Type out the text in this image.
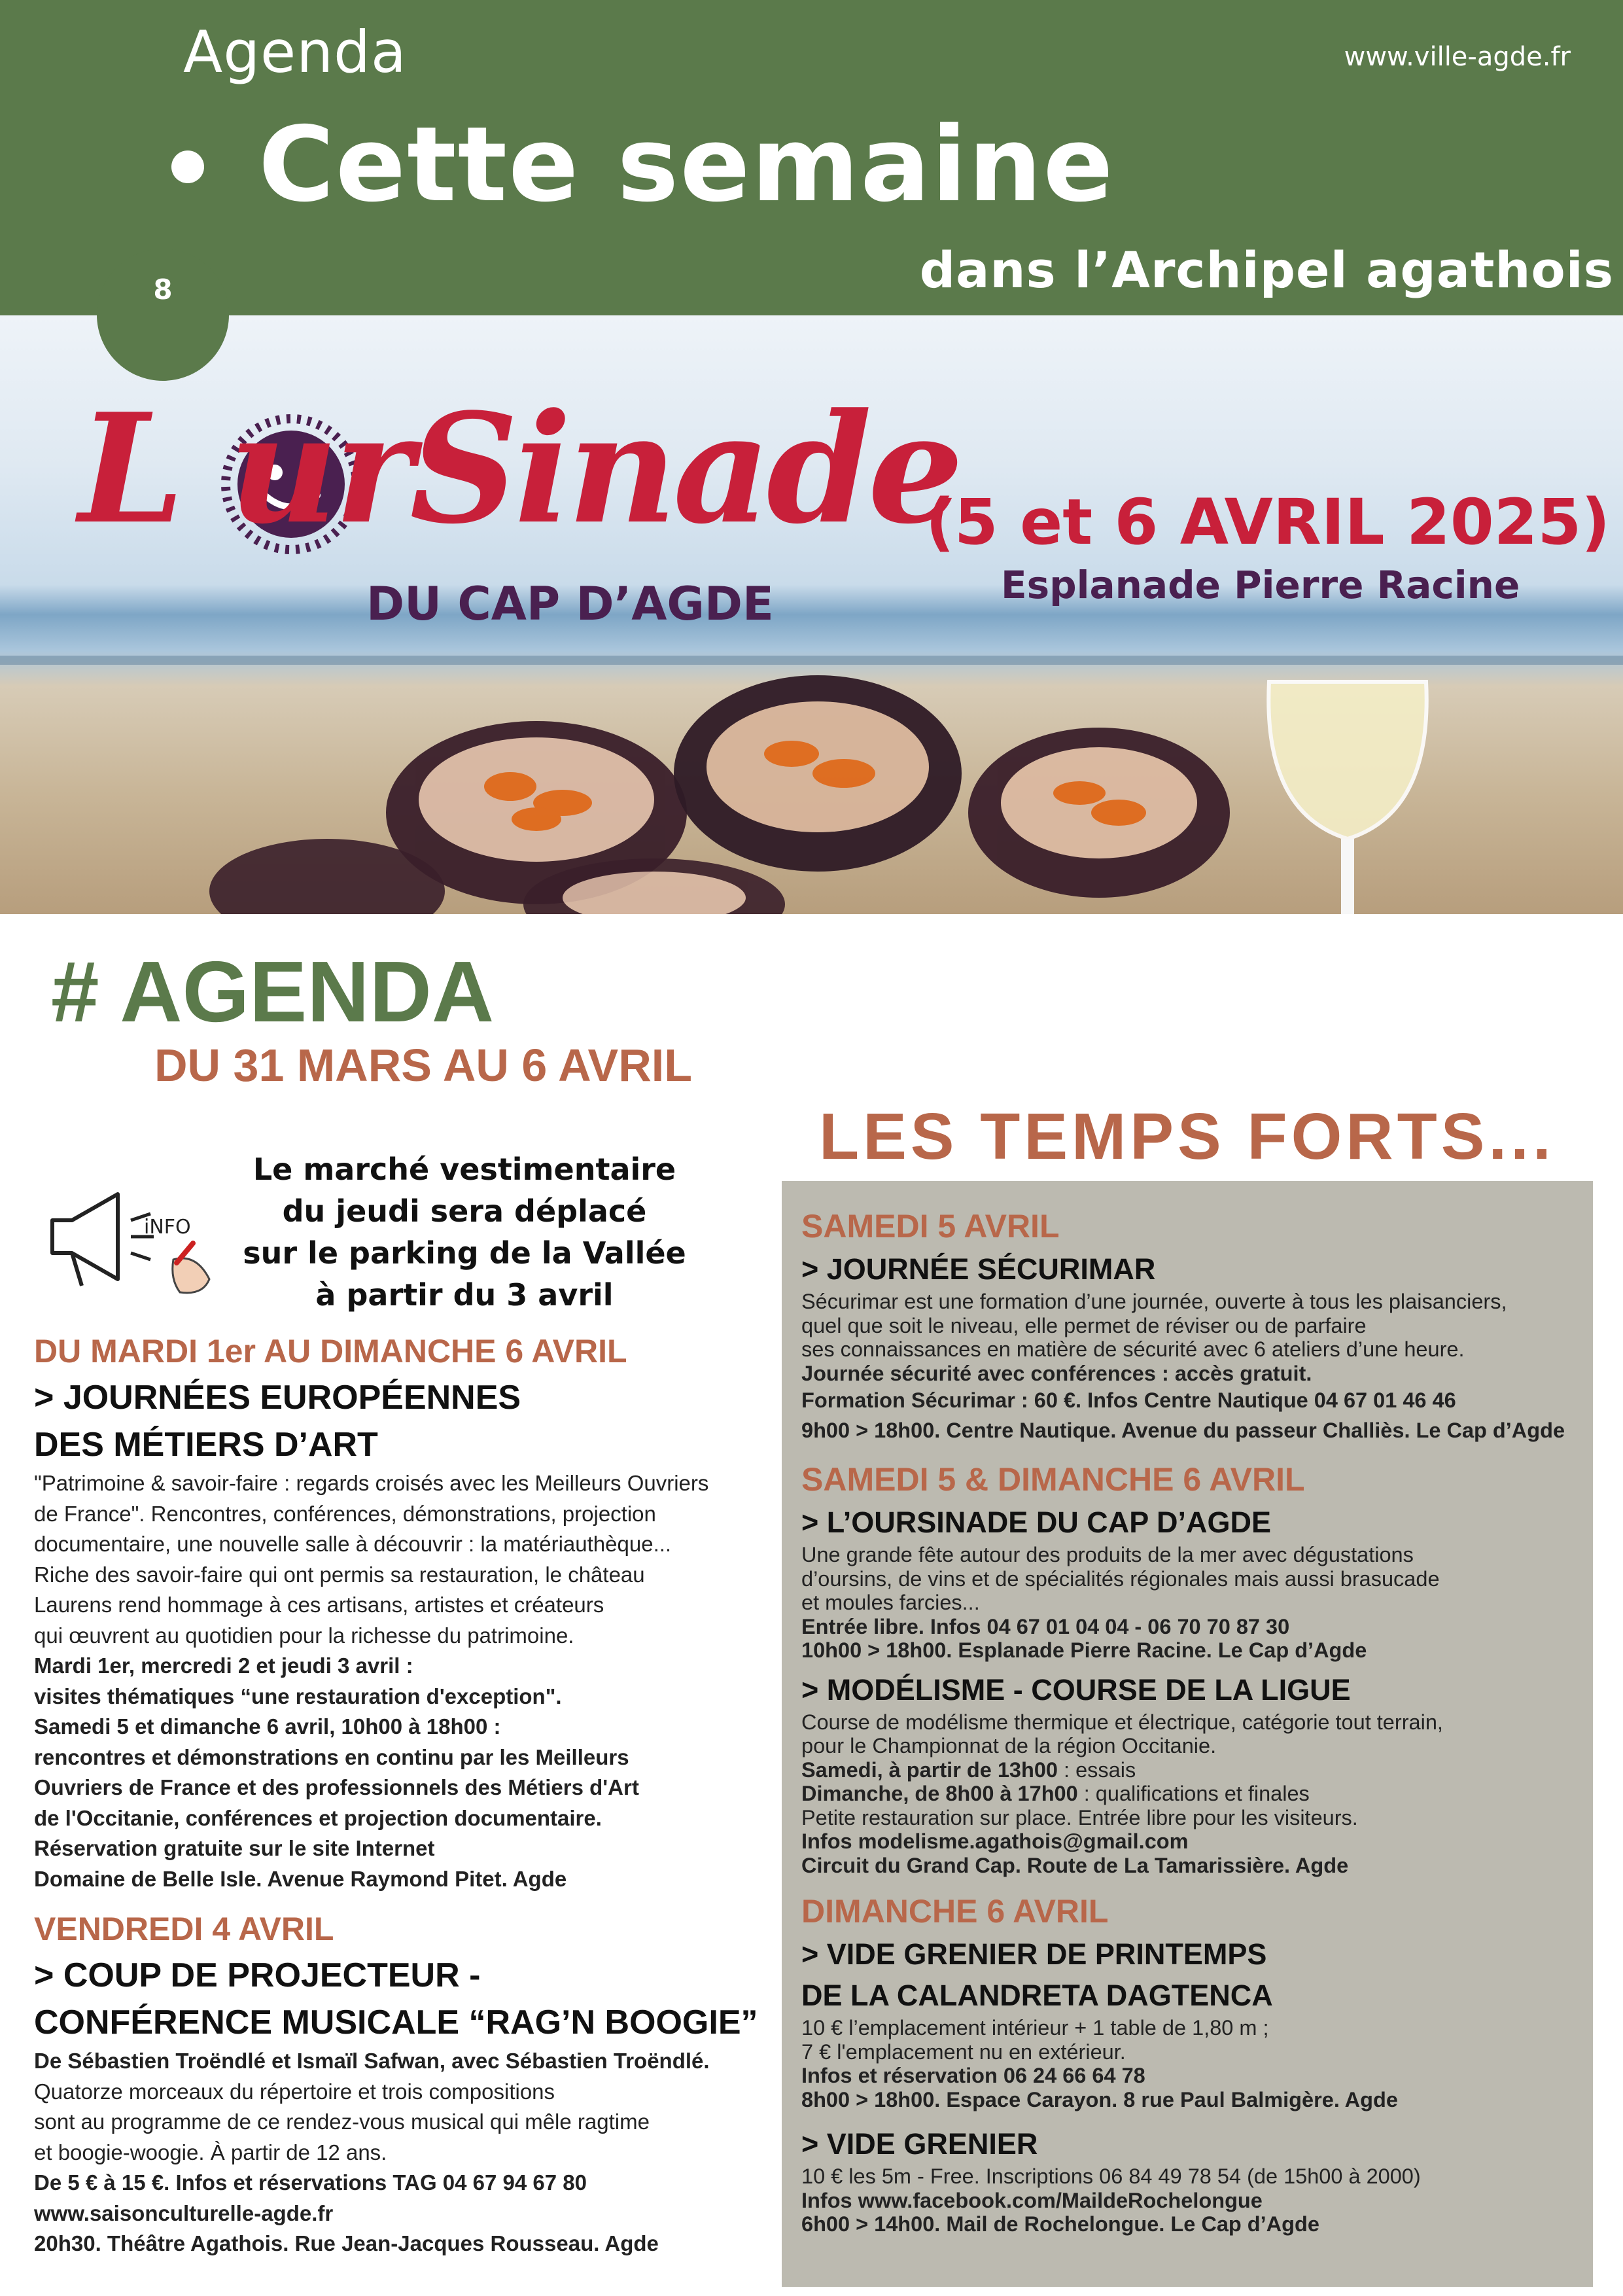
Agenda	www.ville-agde.fr
Cette semaine
dans l’Archipel agathois
L urSinade
DU CAP D’AGDE
(5 et 6 AVRIL 2025)
Esplanade Pierre Racine
8
# AGENDA
DU 31 MARS AU 6 AVRIL
iNFO
Le marché vestimentaire
du jeudi sera déplacé
sur le parking de la Vallée
à partir du 3 avril
DU MARDI 1er AU DIMANCHE 6 AVRIL
> JOURNÉES EUROPÉENNES
DES MÉTIERS D’ART
"Patrimoine & savoir-faire : regards croisés avec les Meilleurs Ouvriers
de France". Rencontres, conférences, démonstrations, projection
documentaire, une nouvelle salle à découvrir : la matériauthèque...
Riche des savoir-faire qui ont permis sa restauration, le château
Laurens rend hommage à ces artisans, artistes et créateurs
qui œuvrent au quotidien pour la richesse du patrimoine.
Mardi 1er, mercredi 2 et jeudi 3 avril :
visites thématiques “une restauration d'exception".
Samedi 5 et dimanche 6 avril, 10h00 à 18h00 :
rencontres et démonstrations en continu par les Meilleurs
Ouvriers de France et des professionnels des Métiers d'Art
de l'Occitanie, conférences et projection documentaire.
Réservation gratuite sur le site Internet
Domaine de Belle Isle. Avenue Raymond Pitet. Agde
VENDREDI 4 AVRIL
> COUP DE PROJECTEUR -
CONFÉRENCE MUSICALE “RAG’N BOOGIE”
De Sébastien Troëndlé et Ismaïl Safwan, avec Sébastien Troëndlé.
Quatorze morceaux du répertoire et trois compositions
sont au programme de ce rendez-vous musical qui mêle ragtime
et boogie-woogie. À partir de 12 ans.
De 5 € à 15 €. Infos et réservations TAG 04 67 94 67 80
www.saisonculturelle-agde.fr
20h30. Théâtre Agathois. Rue Jean-Jacques Rousseau. Agde
LES TEMPS FORTS...
SAMEDI 5 AVRIL
> JOURNÉE SÉCURIMAR
Sécurimar est une formation d’une journée, ouverte à tous les plaisanciers,
quel que soit le niveau, elle permet de réviser ou de parfaire
ses connaissances en matière de sécurité avec 6 ateliers d’une heure.
Journée sécurité avec conférences : accès gratuit.
Formation Sécurimar : 60 €. Infos Centre Nautique 04 67 01 46 46
9h00 > 18h00. Centre Nautique. Avenue du passeur Challiès. Le Cap d’Agde
SAMEDI 5 & DIMANCHE 6 AVRIL
> L’OURSINADE DU CAP D’AGDE
Une grande fête autour des produits de la mer avec dégustations
d’oursins, de vins et de spécialités régionales mais aussi brasucade
et moules farcies...
Entrée libre. Infos 04 67 01 04 04 - 06 70 70 87 30
10h00 > 18h00. Esplanade Pierre Racine. Le Cap d’Agde
> MODÉLISME - COURSE DE LA LIGUE
Course de modélisme thermique et électrique, catégorie tout terrain,
pour le Championnat de la région Occitanie.
Samedi, à partir de 13h00 : essais
Dimanche, de 8h00 à 17h00 : qualifications et finales
Petite restauration sur place. Entrée libre pour les visiteurs.
Infos modelisme.agathois@gmail.com
Circuit du Grand Cap. Route de La Tamarissière. Agde
DIMANCHE 6 AVRIL
> VIDE GRENIER DE PRINTEMPS
DE LA CALANDRETA DAGTENCA
10 € l’emplacement intérieur + 1 table de 1,80 m ;
7 € l'emplacement nu en extérieur.
Infos et réservation 06 24 66 64 78
8h00 > 18h00. Espace Carayon. 8 rue Paul Balmigère. Agde
> VIDE GRENIER
10 € les 5m - Free. Inscriptions 06 84 49 78 54 (de 15h00 à 2000)
Infos www.facebook.com/MaildeRochelongue
6h00 > 14h00. Mail de Rochelongue. Le Cap d’Agde
